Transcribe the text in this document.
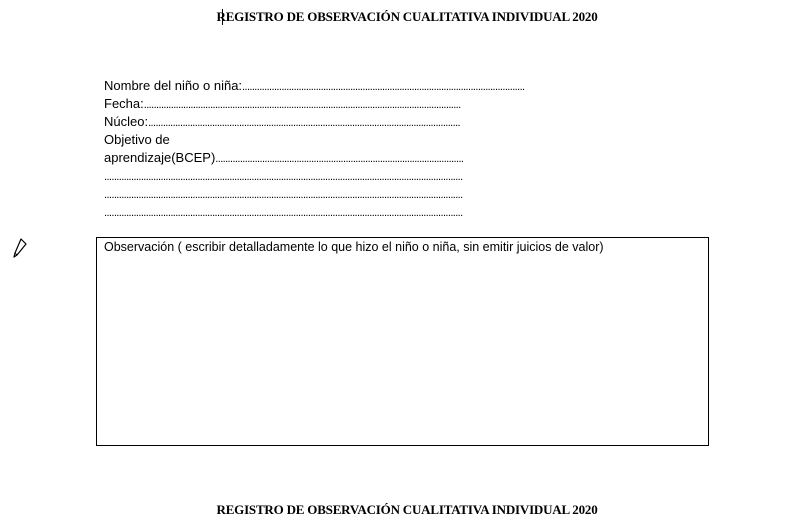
REGISTRO DE OBSERVACIÓN CUALITATIVA INDIVIDUAL 2020
Nombre del niño o niña:...................................................................................................................
Fecha:.................................................................................................................................
Núcleo:...............................................................................................................................
Objetivo de
aprendizaje(BCEP).....................................................................................................
..................................................................................................................................................
..................................................................................................................................................
..................................................................................................................................................
Observación ( escribir detalladamente lo que hizo el niño o niña, sin emitir juicios de valor)
REGISTRO DE OBSERVACIÓN CUALITATIVA INDIVIDUAL 2020
